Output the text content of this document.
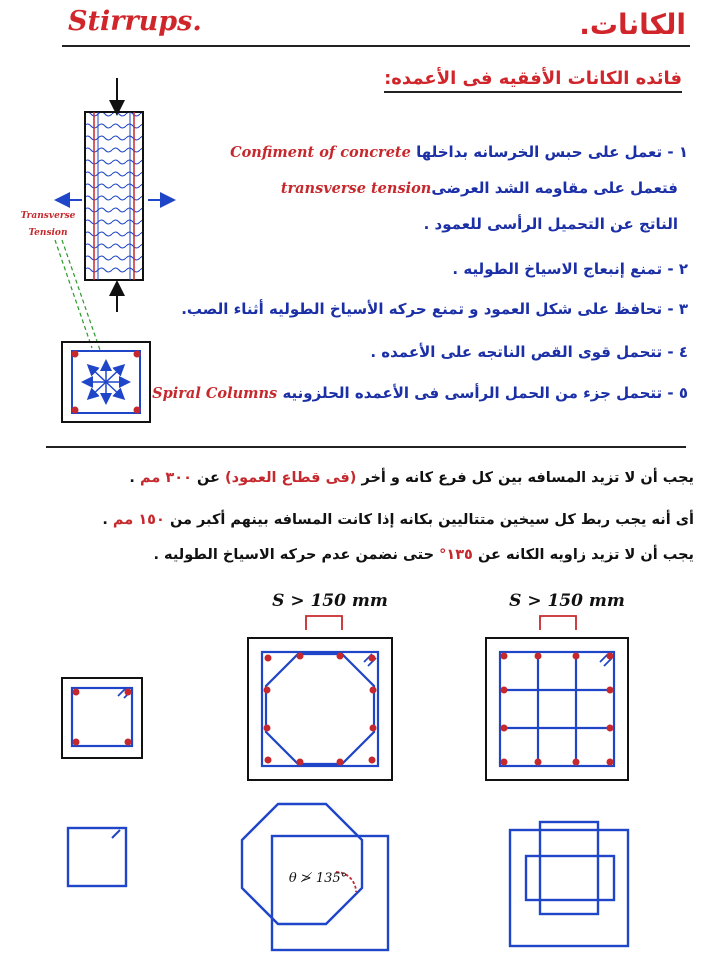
Stirrups.	الكانات.
فائده الكانات الأفقيه فى الأعمده:
١ - تعمل على حبس الخرسانه بداخلها Confiment of concrete
فتعمل على مقاومه الشد العرضىtransverse tension
الناتج عن التحميل الرأسى للعمود .
٢ - تمنع إنبعاج الاسياخ الطوليه .
٣ - تحافظ على شكل العمود و تمنع حركه الأسياخ الطوليه أثناء الصب.
٤ - تتحمل قوى القص الناتجه على الأعمده .
٥ - تتحمل جزء من الحمل الرأسى فى الأعمده الحلزونيه Spiral Columns
يجب أن لا تزيد المسافه بين كل فرع كانه و أخر (فى قطاع العمود) عن ٣٠٠ مم .
أى أنه يجب ربط كل سيخين متتاليين بكانه إذا كانت المسافه بينهم أكبر من ١٥٠ مم .
يجب أن لا تزيد زاويه الكانه عن ١٣٥° حتى نضمن عدم حركه الاسياخ الطوليه .
Transverse
Tension
S > 150 mm	S > 150 mm
θ ≯ 135°
